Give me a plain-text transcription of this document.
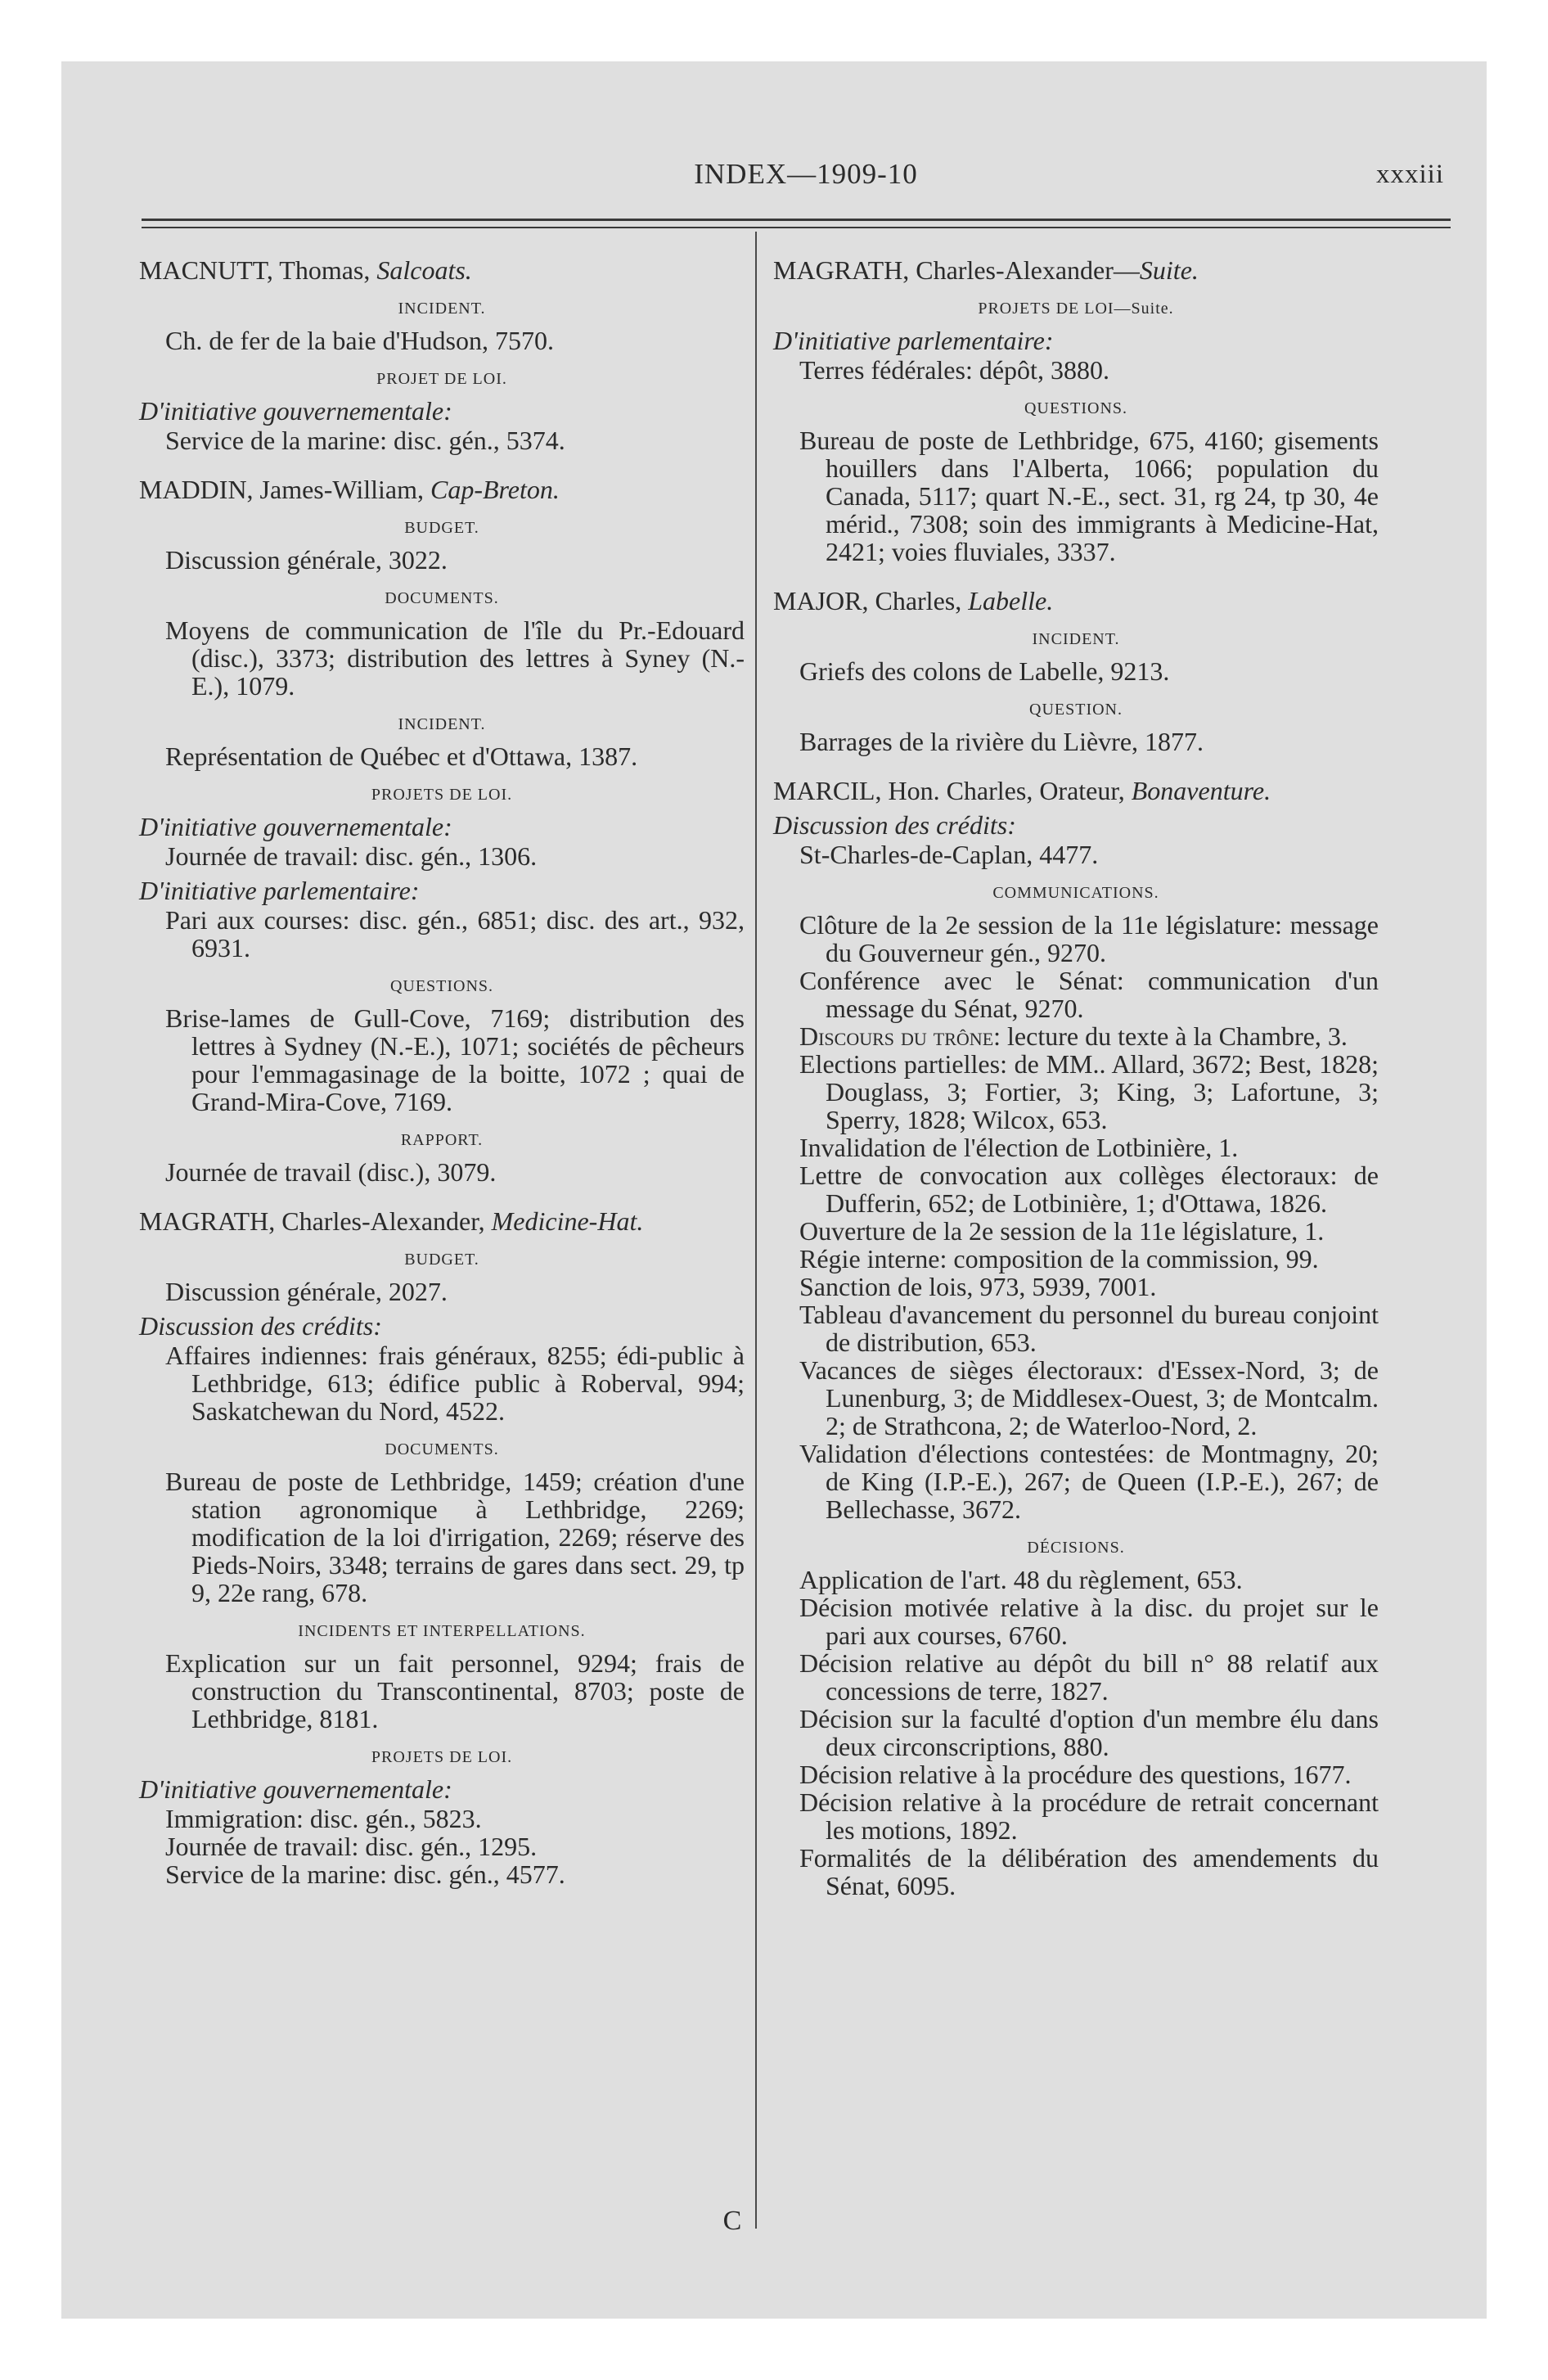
INDEX—1909-10	xxxiii
MACNUTT, Thomas, Salcoats.
INCIDENT.
Ch. de fer de la baie d'Hudson, 7570.
PROJET DE LOI.
D'initiative gouvernementale:
Service de la marine: disc. gén., 5374.
MADDIN, James-William, Cap-Breton.
BUDGET.
Discussion générale, 3022.
DOCUMENTS.
Moyens de communication de l'île du Pr.-Edouard (disc.), 3373; distribution des lettres à Syney (N.-E.), 1079.
INCIDENT.
Représentation de Québec et d'Ottawa, 1387.
PROJETS DE LOI.
D'initiative gouvernementale:
Journée de travail: disc. gén., 1306.
D'initiative parlementaire:
Pari aux courses: disc. gén., 6851; disc. des art., 932, 6931.
QUESTIONS.
Brise-lames de Gull-Cove, 7169; distribution des lettres à Sydney (N.-E.), 1071; sociétés de pêcheurs pour l'emmagasinage de la boitte, 1072 ; quai de Grand-Mira-Cove, 7169.
RAPPORT.
Journée de travail (disc.), 3079.
MAGRATH, Charles-Alexander, Medicine-Hat.
BUDGET.
Discussion générale, 2027.
Discussion des crédits:
Affaires indiennes: frais généraux, 8255; édi-public à Lethbridge, 613; édifice public à Roberval, 994; Saskatchewan du Nord, 4522.
DOCUMENTS.
Bureau de poste de Lethbridge, 1459; création d'une station agronomique à Lethbridge, 2269; modification de la loi d'irrigation, 2269; réserve des Pieds-Noirs, 3348; terrains de gares dans sect. 29, tp 9, 22e rang, 678.
INCIDENTS ET INTERPELLATIONS.
Explication sur un fait personnel, 9294; frais de construction du Transcontinental, 8703; poste de Lethbridge, 8181.
PROJETS DE LOI.
D'initiative gouvernementale:
Immigration: disc. gén., 5823.
Journée de travail: disc. gén., 1295.
Service de la marine: disc. gén., 4577.
MAGRATH, Charles-Alexander—Suite.
PROJETS DE LOI—Suite.
D'initiative parlementaire:
Terres fédérales: dépôt, 3880.
QUESTIONS.
Bureau de poste de Lethbridge, 675, 4160; gisements houillers dans l'Alberta, 1066; population du Canada, 5117; quart N.-E., sect. 31, rg 24, tp 30, 4e mérid., 7308; soin des immigrants à Medicine-Hat, 2421; voies fluviales, 3337.
MAJOR, Charles, Labelle.
INCIDENT.
Griefs des colons de Labelle, 9213.
QUESTION.
Barrages de la rivière du Lièvre, 1877.
MARCIL, Hon. Charles, Orateur, Bonaventure.
Discussion des crédits:
St-Charles-de-Caplan, 4477.
COMMUNICATIONS.
Clôture de la 2e session de la 11e législature: message du Gouverneur gén., 9270.
Conférence avec le Sénat: communication d'un message du Sénat, 9270.
Discours du trône: lecture du texte à la Chambre, 3.
Elections partielles: de MM.. Allard, 3672; Best, 1828; Douglass, 3; Fortier, 3; King, 3; Lafortune, 3; Sperry, 1828; Wilcox, 653.
Invalidation de l'élection de Lotbinière, 1.
Lettre de convocation aux collèges électoraux: de Dufferin, 652; de Lotbinière, 1; d'Ottawa, 1826.
Ouverture de la 2e session de la 11e législature, 1.
Régie interne: composition de la commission, 99.
Sanction de lois, 973, 5939, 7001.
Tableau d'avancement du personnel du bureau conjoint de distribution, 653.
Vacances de sièges électoraux: d'Essex-Nord, 3; de Lunenburg, 3; de Middlesex-Ouest, 3; de Montcalm. 2; de Strathcona, 2; de Waterloo-Nord, 2.
Validation d'élections contestées: de Montmagny, 20; de King (I.P.-E.), 267; de Queen (I.P.-E.), 267; de Bellechasse, 3672.
DÉCISIONS.
Application de l'art. 48 du règlement, 653.
Décision motivée relative à la disc. du projet sur le pari aux courses, 6760.
Décision relative au dépôt du bill n° 88 relatif aux concessions de terre, 1827.
Décision sur la faculté d'option d'un membre élu dans deux circonscriptions, 880.
Décision relative à la procédure des questions, 1677.
Décision relative à la procédure de retrait concernant les motions, 1892.
Formalités de la délibération des amendements du Sénat, 6095.
C
